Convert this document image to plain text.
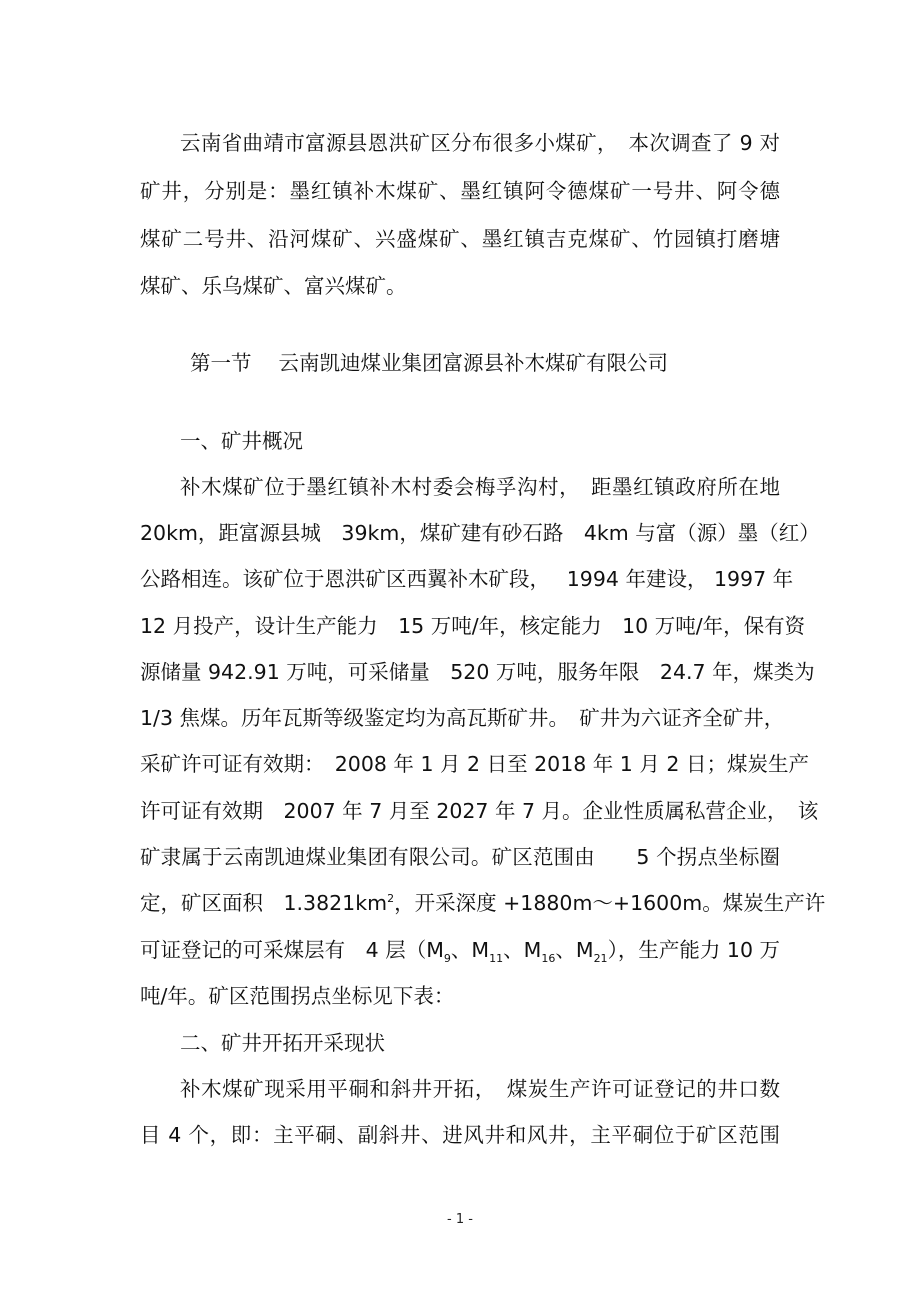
云南省曲靖市富源县恩洪矿区分布很多小煤矿，　本次调查了 9 对
矿井，分别是：墨红镇补木煤矿、墨红镇阿令德煤矿一号井、阿令德
煤矿二号井、沿河煤矿、兴盛煤矿、墨红镇吉克煤矿、竹园镇打磨塘
煤矿、乐乌煤矿、富兴煤矿。
第一节　 云南凯迪煤业集团富源县补木煤矿有限公司
一、矿井概况
补木煤矿位于墨红镇补木村委会梅孚沟村，　距墨红镇政府所在地
20km，距富源县城　39km，煤矿建有砂石路　4km 与富（源）墨（红）
公路相连。该矿位于恩洪矿区西翼补木矿段，　 1994 年建设， 1997 年
12 月投产，设计生产能力　15 万吨/年，核定能力　10 万吨/年，保有资
源储量 942.91 万吨，可采储量　520 万吨，服务年限　24.7 年，煤类为
1/3 焦煤。历年瓦斯等级鉴定均为高瓦斯矿井。　矿井为六证齐全矿井，
采矿许可证有效期：　2008 年 1 月 2 日至 2018 年 1 月 2 日；煤炭生产
许可证有效期　2007 年 7 月至 2027 年 7 月。企业性质属私营企业，　该
矿隶属于云南凯迪煤业集团有限公司。矿区范围由　　5 个拐点坐标圈
定，矿区面积　$1.3821km^2$，开采深度 +1880m～+1600m。煤炭生产许
可证登记的可采煤层有　4 层（$M_9$、$M_{11}$、$M_{16}$、$M_{21}$），生产能力 10 万
吨/年。矿区范围拐点坐标见下表：
二、矿井开拓开采现状
补木煤矿现采用平硐和斜井开拓，　煤炭生产许可证登记的井口数
目 4 个，即：主平硐、副斜井、进风井和风井，主平硐位于矿区范围
- 1 -
